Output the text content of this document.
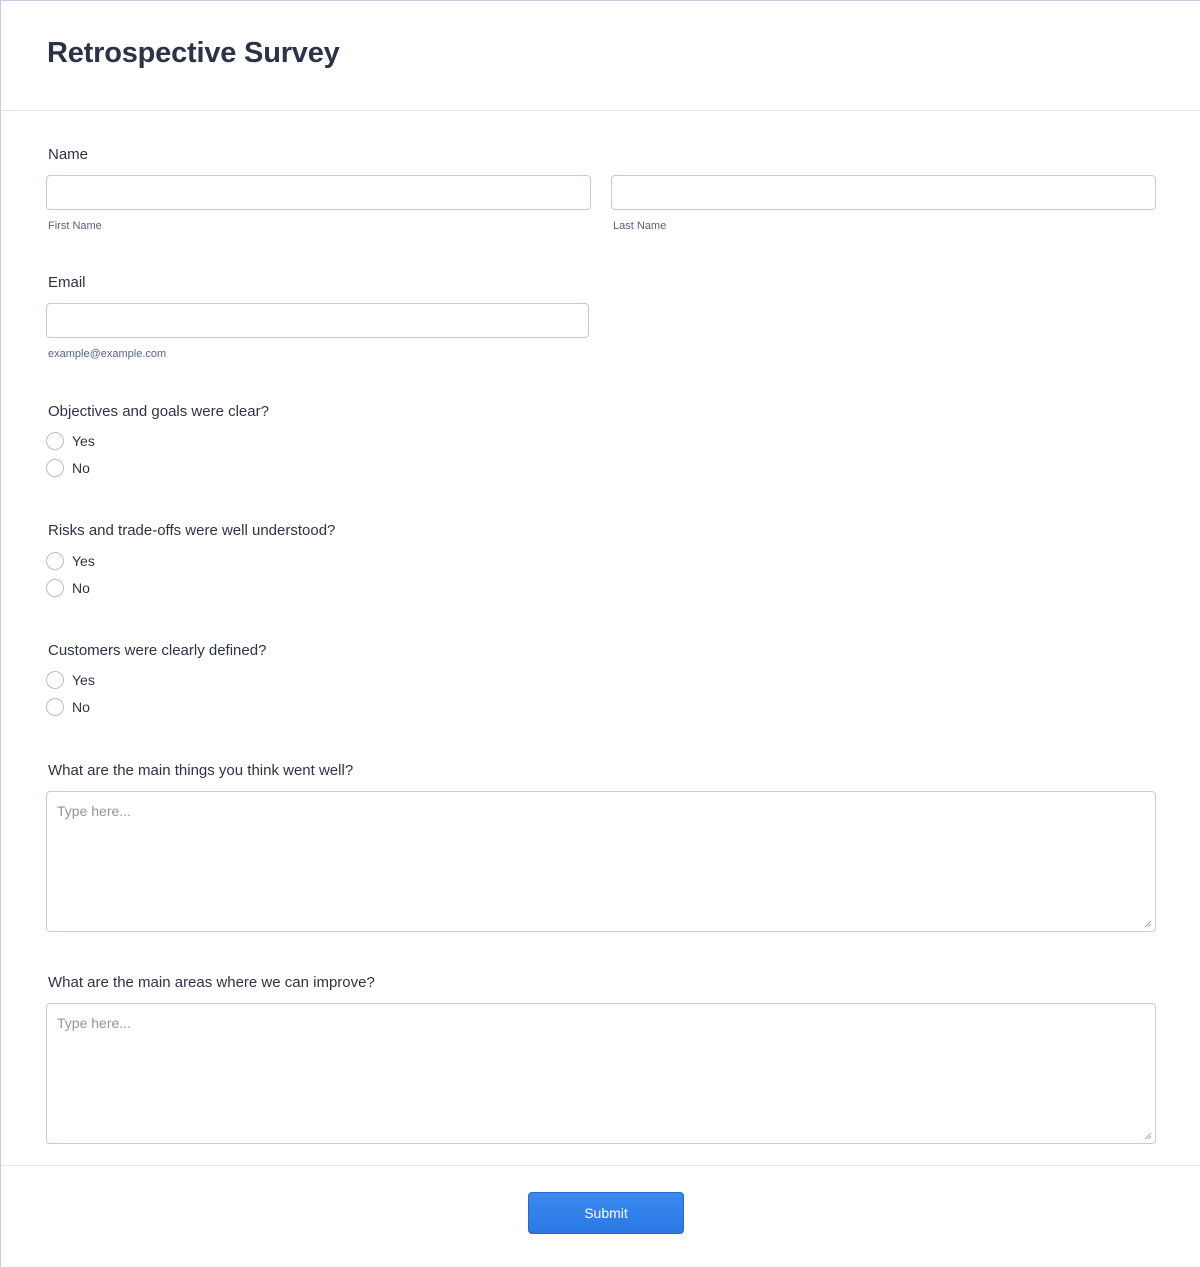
Retrospective Survey
Name
First Name	Last Name
Email
example@example.com
Objectives and goals were clear?
Yes
No
Risks and trade-offs were well understood?
Yes
No
Customers were clearly defined?
Yes
No
What are the main things you think went well?
Type here...
What are the main areas where we can improve?
Type here...
Submit
